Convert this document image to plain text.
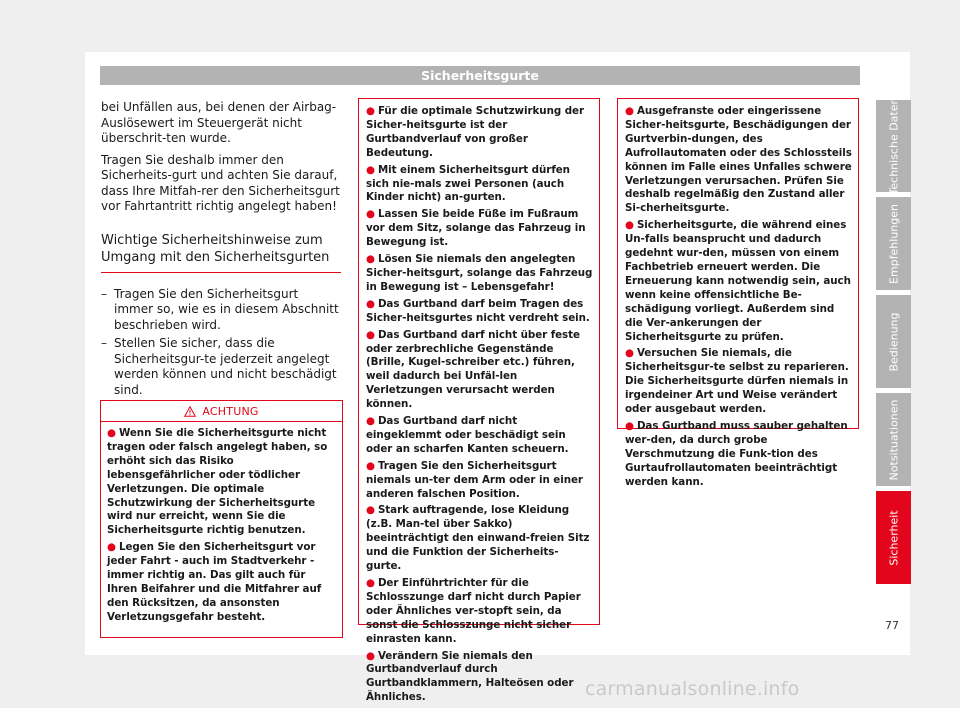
Sicherheitsgurte

bei Unfällen aus, bei denen der Airbag-Auslösewert im Steuergerät nicht überschrit-ten wurde.

Tragen Sie deshalb immer den Sicherheits-gurt und achten Sie darauf, dass Ihre Mitfah-rer den Sicherheitsgurt vor Fahrtantritt richtig angelegt haben!

Wichtige Sicherheitshinweise zum Umgang mit den Sicherheitsgurten
– Tragen Sie den Sicherheitsgurt immer so, wie es in diesem Abschnitt beschrieben wird.
– Stellen Sie sicher, dass die Sicherheitsgur-te jederzeit angelegt werden können und nicht beschädigt sind.
ACHTUNG
● Wenn Sie die Sicherheitsgurte nicht tragen oder falsch angelegt haben, so erhöht sich das Risiko lebensgefährlicher oder tödlicher Verletzungen. Die optimale Schutzwirkung der Sicherheitsgurte wird nur erreicht, wenn Sie die Sicherheitsgurte richtig benutzen.
● Legen Sie den Sicherheitsgurt vor jeder Fahrt - auch im Stadtverkehr - immer richtig an. Das gilt auch für Ihren Beifahrer und die Mitfahrer auf den Rücksitzen, da ansonsten Verletzungsgefahr besteht.
● Für die optimale Schutzwirkung der Sicher-heitsgurte ist der Gurtbandverlauf von großer Bedeutung.
● Mit einem Sicherheitsgurt dürfen sich nie-mals zwei Personen (auch Kinder nicht) an-gurten.
● Lassen Sie beide Füße im Fußraum vor dem Sitz, solange das Fahrzeug in Bewegung ist.
● Lösen Sie niemals den angelegten Sicher-heitsgurt, solange das Fahrzeug in Bewegung ist – Lebensgefahr!
● Das Gurtband darf beim Tragen des Sicher-heitsgurtes nicht verdreht sein.
● Das Gurtband darf nicht über feste oder zerbrechliche Gegenstände (Brille, Kugel-schreiber etc.) führen, weil dadurch bei Unfäl-len Verletzungen verursacht werden können.
● Das Gurtband darf nicht eingeklemmt oder beschädigt sein oder an scharfen Kanten scheuern.
● Tragen Sie den Sicherheitsgurt niemals un-ter dem Arm oder in einer anderen falschen Position.
● Stark auftragende, lose Kleidung (z.B. Man-tel über Sakko) beeinträchtigt den einwand-freien Sitz und die Funktion der Sicherheits-gurte.
● Der Einführtrichter für die Schlosszunge darf nicht durch Papier oder Ähnliches ver-stopft sein, da sonst die Schlosszunge nicht sicher einrasten kann.
● Verändern Sie niemals den Gurtbandverlauf durch Gurtbandklammern, Halteösen oder Ähnliches.
● Ausgefranste oder eingerissene Sicher-heitsgurte, Beschädigungen der Gurtverbin-dungen, des Aufrollautomaten oder des Schlossteils können im Falle eines Unfalles schwere Verletzungen verursachen. Prüfen Sie deshalb regelmäßig den Zustand aller Si-cherheitsgurte.
● Sicherheitsgurte, die während eines Un-falls beansprucht und dadurch gedehnt wur-den, müssen von einem Fachbetrieb erneuert werden. Die Erneuerung kann notwendig sein, auch wenn keine offensichtliche Be-schädigung vorliegt. Außerdem sind die Ver-ankerungen der Sicherheitsgurte zu prüfen.
● Versuchen Sie niemals, die Sicherheitsgur-te selbst zu reparieren. Die Sicherheitsgurte dürfen niemals in irgendeiner Art und Weise verändert oder ausgebaut werden.
● Das Gurtband muss sauber gehalten wer-den, da durch grobe Verschmutzung die Funk-tion des Gurtaufrollautomaten beeinträchtigt werden kann.
Technische Daten
Empfehlungen
Bedienung
Notsituationen
Sicherheit
77
carmanualsonline.info
